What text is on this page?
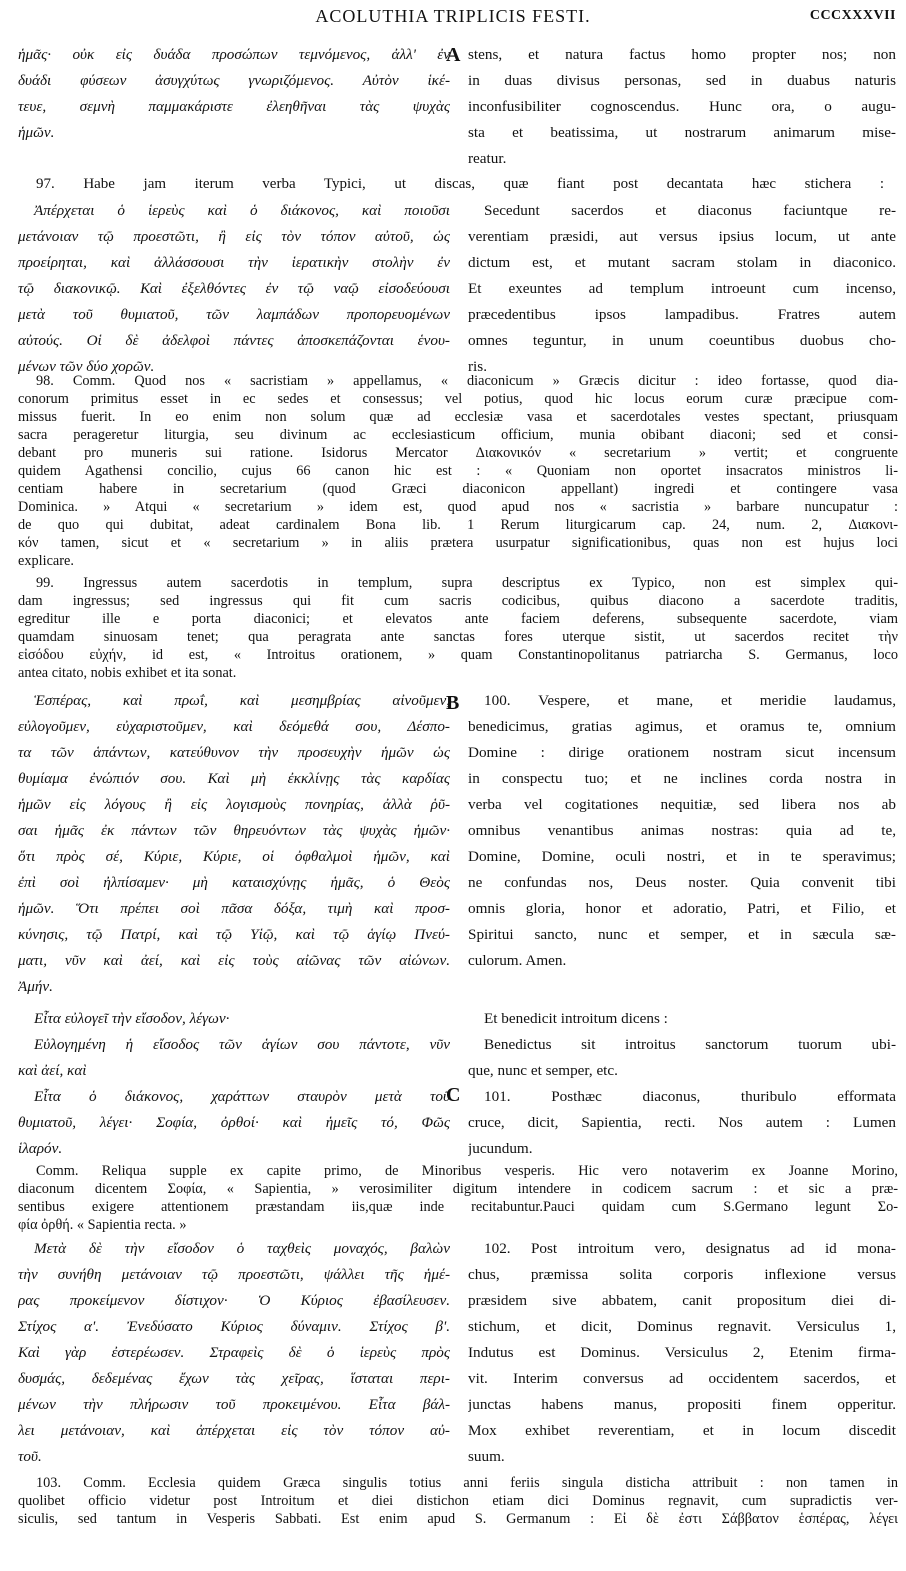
ACOLUTHIA TRIPLICIS FESTI.	CCCXXXVII
ἡμᾶς· οὐκ εἰς δυάδα προσώπων τεμνόμενος, ἀλλ' ἐν
δυάδι φύσεων ἀσυγχύτως γνωριζόμενος. Αὐτὸν ἱκέ-
τευε, σεμνὴ παμμακάριστε ἐλεηθῆναι τὰς ψυχὰς
ἡμῶν.
A stens, et natura factus homo propter nos; non
in duas divisus personas, sed in duabus naturis
inconfusibiliter cognoscendus. Hunc ora, o augu-
sta et beatissima, ut nostrarum animarum mise-
reatur.
97. Habe jam iterum verba Typici, ut discas, quæ fiant post decantata hæc stichera :
Ἀπέρχεται ὁ ἱερεὺς καὶ ὁ διάκονος, καὶ ποιοῦσι
μετάνοιαν τῷ προεστῶτι, ἢ εἰς τὸν τόπον αὐτοῦ, ὡς
προείρηται, καὶ ἀλλάσσουσι τὴν ἱερατικὴν στολὴν ἐν
τῷ διακονικῷ. Καὶ ἐξελθόντες ἐν τῷ ναῷ εἰσοδεύουσι
μετὰ τοῦ θυμιατοῦ, τῶν λαμπάδων προπορευομένων
αὐτούς. Οἱ δὲ ἀδελφοὶ πάντες ἀποσκεπάζονται ἑνου-
μένων τῶν δύο χορῶν.
Secedunt sacerdos et diaconus faciuntque re-
verentiam præsidi, aut versus ipsius locum, ut ante
dictum est, et mutant sacram stolam in diaconico.
Et exeuntes ad templum introeunt cum incenso,
præcedentibus ipsos lampadibus. Fratres autem
omnes teguntur, in unum coeuntibus duobus cho-
ris.
98. Comm. Quod nos « sacristiam » appellamus, « diaconicum » Græcis dicitur : ideo fortasse, quod dia-
conorum primitus esset in ec sedes et consessus; vel potius, quod hic locus eorum curæ præcipue com-
missus fuerit. In eo enim non solum quæ ad ecclesiæ vasa et sacerdotales vestes spectant, priusquam
sacra perageretur liturgia, seu divinum ac ecclesiasticum officium, munia obibant diaconi; sed et consi-
debant pro muneris sui ratione. Isidorus Mercator Διακονικόν « secretarium » vertit; et congruente
quidem Agathensi concilio, cujus 66 canon hic est : « Quoniam non oportet insacratos ministros li-
centiam habere in secretarium (quod Græci diaconicon appellant) ingredi et contingere vasa
Dominica. » Atqui « secretarium » idem est, quod apud nos « sacristia » barbare nuncupatur :
de quo qui dubitat, adeat cardinalem Bona lib. 1 Rerum liturgicarum cap. 24, num. 2, Διακονι-
κόν tamen, sicut et « secretarium » in aliis prætera usurpatur significationibus, quas non est hujus loci
explicare.
99. Ingressus autem sacerdotis in templum, supra descriptus ex Typico, non est simplex qui-
dam ingressus; sed ingressus qui fit cum sacris codicibus, quibus diacono a sacerdote traditis,
egreditur ille e porta diaconici; et elevatos ante faciem deferens, subsequente sacerdote, viam
quamdam sinuosam tenet; qua peragrata ante sanctas fores uterque sistit, ut sacerdos recitet τὴν
εἰσόδου εὐχήν, id est, « Introitus orationem, » quam Constantinopolitanus patriarcha S. Germanus, loco
antea citato, nobis exhibet et ita sonat.
Ἑσπέρας, καὶ πρωΐ, καὶ μεσημβρίας αἰνοῦμεν,
εὐλογοῦμεν, εὐχαριστοῦμεν, καὶ δεόμεθά σου, Δέσπο-
τα τῶν ἁπάντων, κατεύθυνον τὴν προσευχὴν ἡμῶν ὡς
θυμίαμα ἐνώπιόν σου. Καὶ μὴ ἐκκλίνῃς τὰς καρδίας
ἡμῶν εἰς λόγους ἢ εἰς λογισμοὺς πονηρίας, ἀλλὰ ῥῦ-
σαι ἡμᾶς ἐκ πάντων τῶν θηρευόντων τὰς ψυχὰς ἡμῶν·
ὅτι πρὸς σέ, Κύριε, Κύριε, οἱ ὀφθαλμοὶ ἡμῶν, καὶ
ἐπὶ σοὶ ἠλπίσαμεν· μὴ καταισχύνῃς ἡμᾶς, ὁ Θεὸς
ἡμῶν. Ὅτι πρέπει σοὶ πᾶσα δόξα, τιμὴ καὶ προσ-
κύνησις, τῷ Πατρί, καὶ τῷ Υἱῷ, καὶ τῷ ἁγίῳ Πνεύ-
ματι, νῦν καὶ ἀεί, καὶ εἰς τοὺς αἰῶνας τῶν αἰώνων.
Ἀμήν.
B	100. Vespere, et mane, et meridie laudamus,
benedicimus, gratias agimus, et oramus te, omnium
Domine : dirige orationem nostram sicut incensum
in conspectu tuo; et ne inclines corda nostra in
verba vel cogitationes nequitiæ, sed libera nos ab
omnibus venantibus animas nostras: quia ad te,
Domine, Domine, oculi nostri, et in te speravimus;
ne confundas nos, Deus noster. Quia convenit tibi
omnis gloria, honor et adoratio, Patri, et Filio, et
Spiritui sancto, nunc et semper, et in sæcula sæ-
culorum. Amen.
Εἶτα εὐλογεῖ τὴν εἴσοδον, λέγων·
Εὐλογημένη ἡ εἴσοδος τῶν ἁγίων σου πάντοτε, νῦν
καὶ ἀεί, καὶ
Εἶτα ὁ διάκονος, χαράττων σταυρὸν μετὰ τοῦ
θυμιατοῦ, λέγει· Σοφία, ὀρθοί· καὶ ἡμεῖς τό, Φῶς
ἱλαρόν.
C
Et benedicit introitum dicens :
Benedictus sit introitus sanctorum tuorum ubi-
que, nunc et semper, etc.
101. Posthæc diaconus, thuribulo efformata
cruce, dicit, Sapientia, recti. Nos autem : Lumen
jucundum.
Comm. Reliqua supple ex capite primo, de Minoribus vesperis. Hic vero notaverim ex Joanne Morino,
diaconum dicentem Σοφία, « Sapientia, » verosimiliter digitum intendere in codicem sacrum : et sic a præ-
sentibus exigere attentionem præstandam iis,quæ inde recitabuntur.Pauci quidam cum S.Germano legunt Σο-
φία ὀρθή. « Sapientia recta. »
Μετὰ δὲ τὴν εἴσοδον ὁ ταχθεὶς μοναχός, βαλὼν
τὴν συνήθη μετάνοιαν τῷ προεστῶτι, ψάλλει τῆς ἡμέ-
ρας προκείμενον δίστιχον· Ὁ Κύριος ἐβασίλευσεν.
Στίχος α'. Ἐνεδύσατο Κύριος δύναμιν. Στίχος β'.
Καὶ γὰρ ἐστερέωσεν. Στραφεὶς δὲ ὁ ἱερεὺς πρὸς
δυσμάς, δεδεμένας ἔχων τὰς χεῖρας, ἵσταται περι-
μένων τὴν πλήρωσιν τοῦ προκειμένου. Εἶτα βάλ-
λει μετάνοιαν, καὶ ἀπέρχεται εἰς τὸν τόπον αὐ-
τοῦ.
102. Post introitum vero, designatus ad id mona-
chus, præmissa solita corporis inflexione versus
præsidem sive abbatem, canit propositum diei di-
stichum, et dicit, Dominus regnavit. Versiculus 1,
Indutus est Dominus. Versiculus 2, Etenim firma-
vit. Interim conversus ad occidentem sacerdos, et
junctas habens manus, propositi finem opperitur.
Mox exhibet reverentiam, et in locum discedit
suum.
103. Comm. Ecclesia quidem Græca singulis totius anni feriis singula disticha attribuit : non tamen in
quolibet officio videtur post Introitum et diei distichon etiam dici Dominus regnavit, cum supradictis ver-
siculis, sed tantum in Vesperis Sabbati. Est enim apud S. Germanum : Εἰ δὲ ἐστι Σάββατον ἑσπέρας, λέγει
